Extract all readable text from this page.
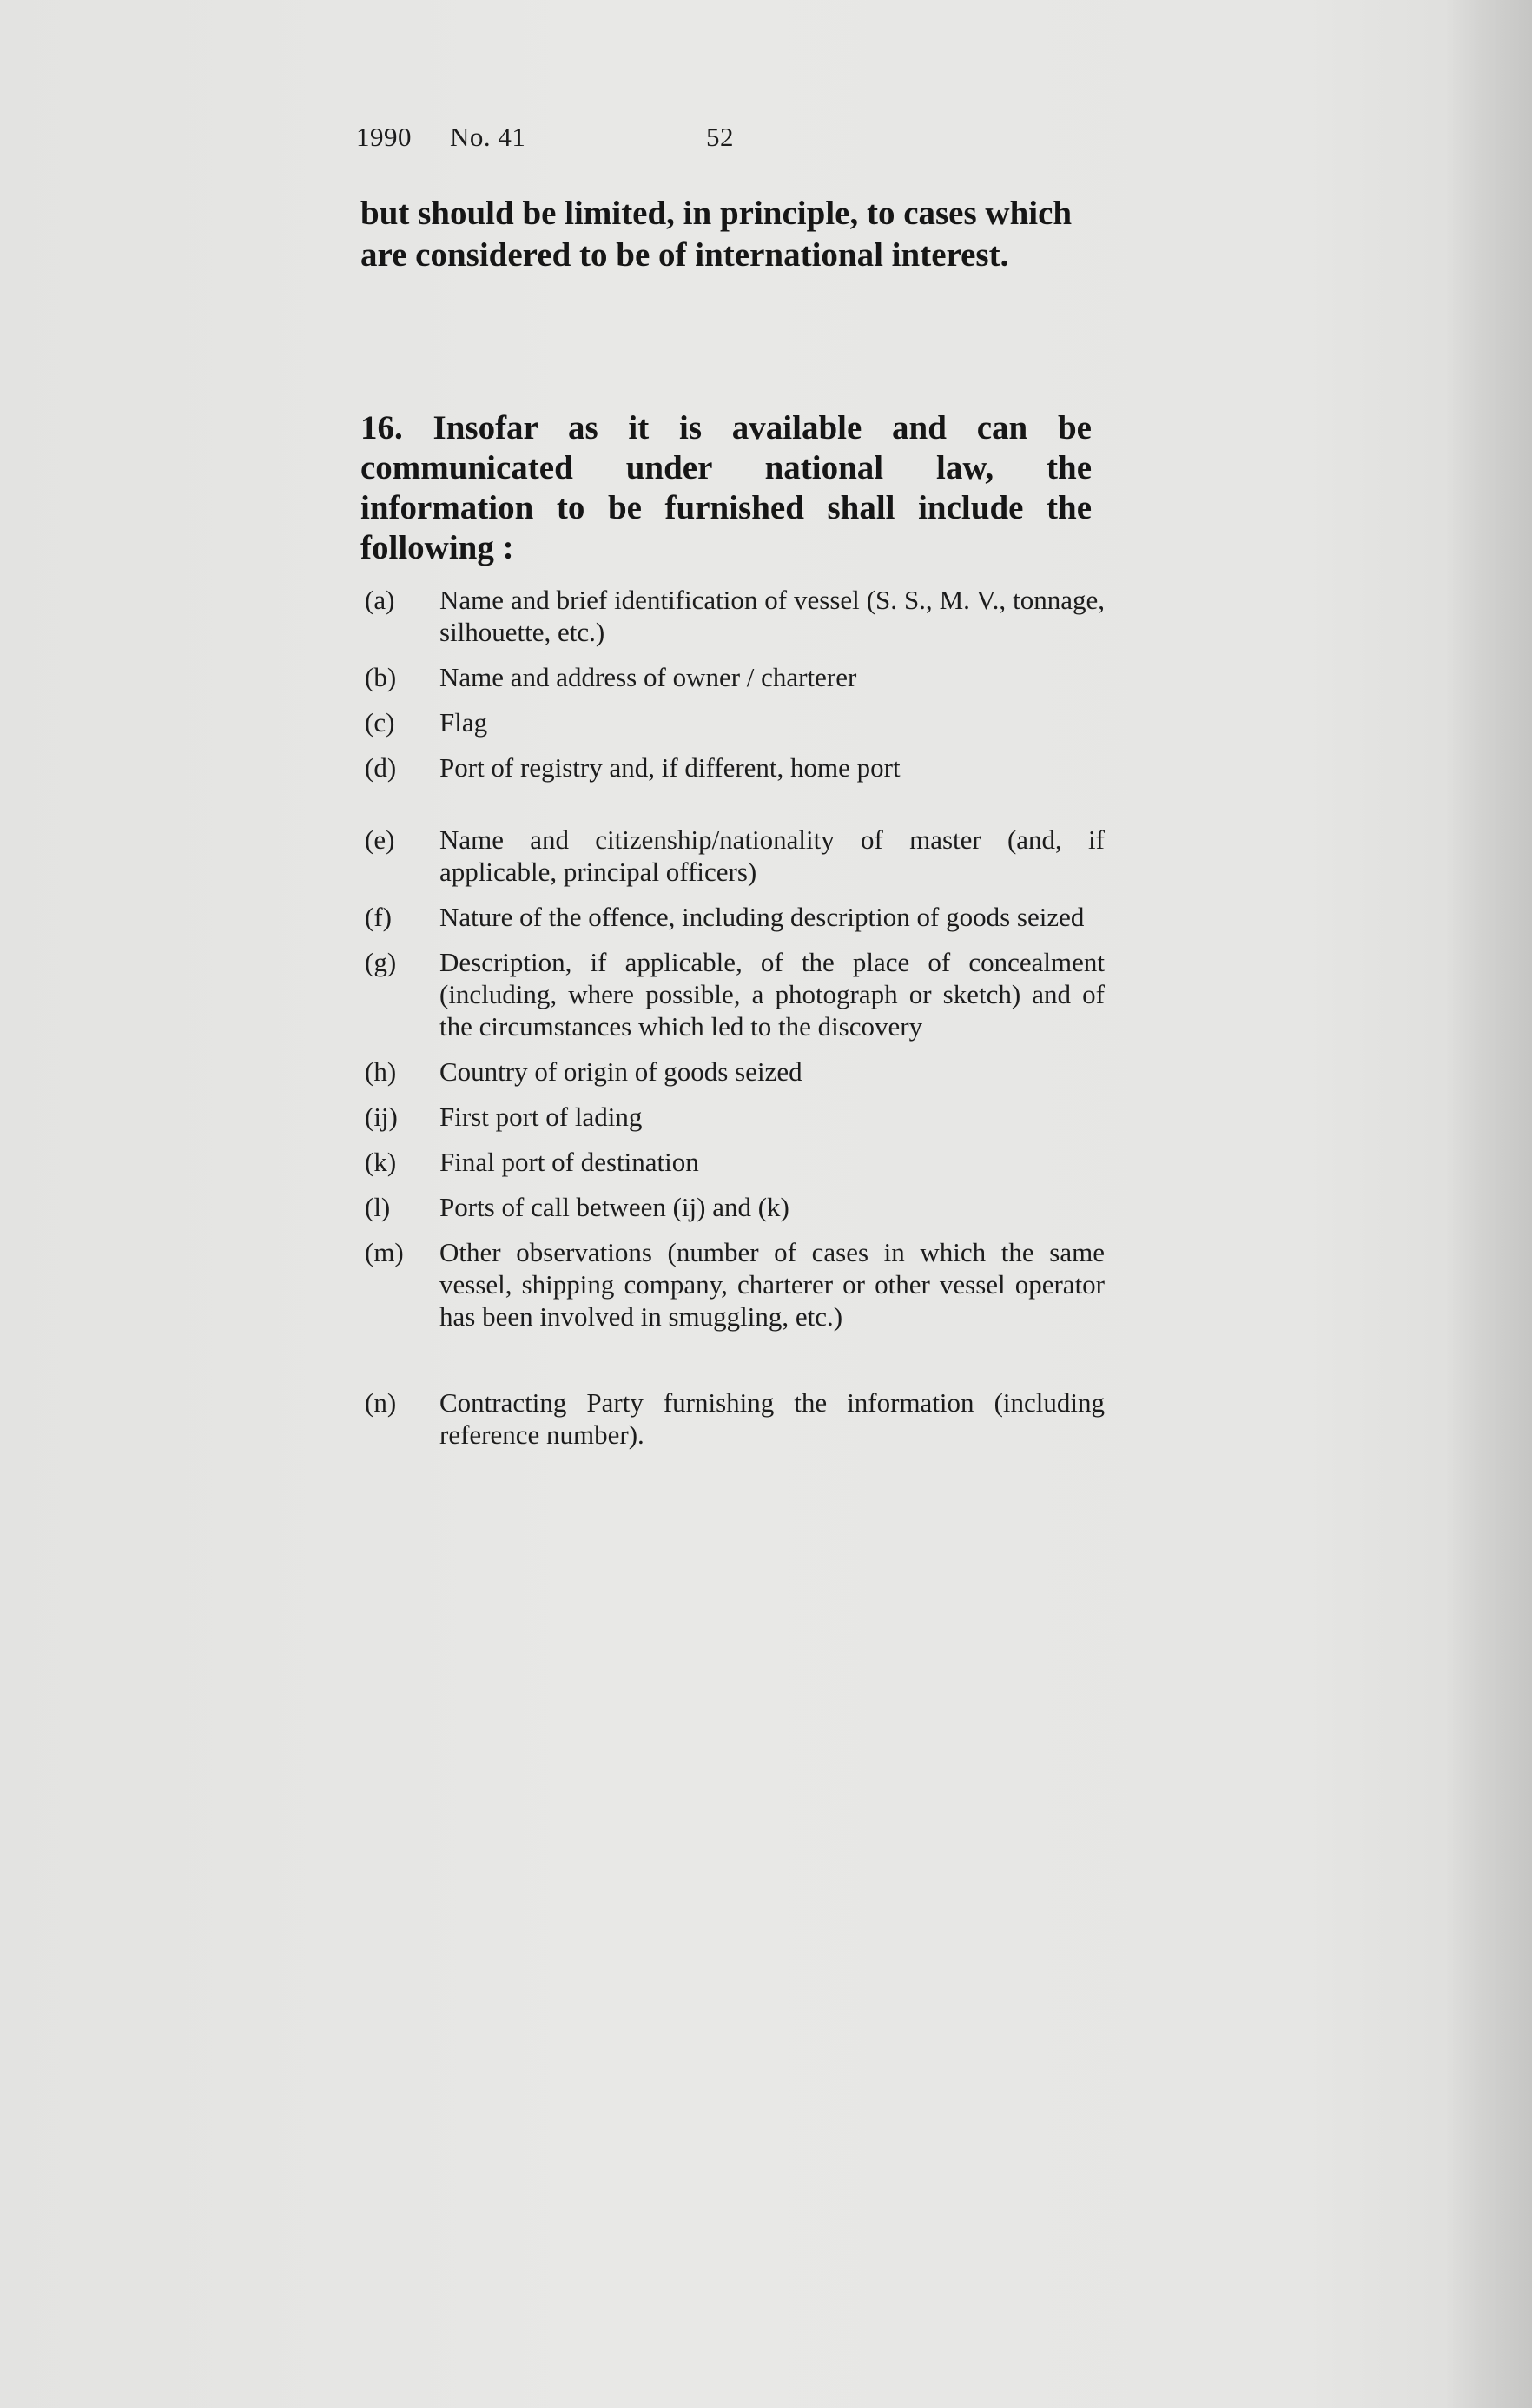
1990 No. 41	52
but should be limited, in principle, to cases which are considered to be of international interest.
16. Insofar as it is available and can be communicated under national law, the information to be furnished shall include the following :
(a)	Name and brief identification of vessel (S. S., M. V., tonnage, silhouette, etc.)
(b)	Name and address of owner / charterer
(c)	Flag
(d)	Port of registry and, if different, home port
(e)	Name and citizenship/nationality of master (and, if applicable, principal officers)
(f)	Nature of the offence, including description of goods seized
(g)	Description, if applicable, of the place of concealment (including, where possible, a photograph or sketch) and of the circumstances which led to the discovery
(h)	Country of origin of goods seized
(ij)	First port of lading
(k)	Final port of destination
(l)	Ports of call between (ij) and (k)
(m)	Other observations (number of cases in which the same vessel, shipping company, charterer or other vessel operator has been involved in smuggling, etc.)
(n)	Contracting Party furnishing the information (including reference number).
